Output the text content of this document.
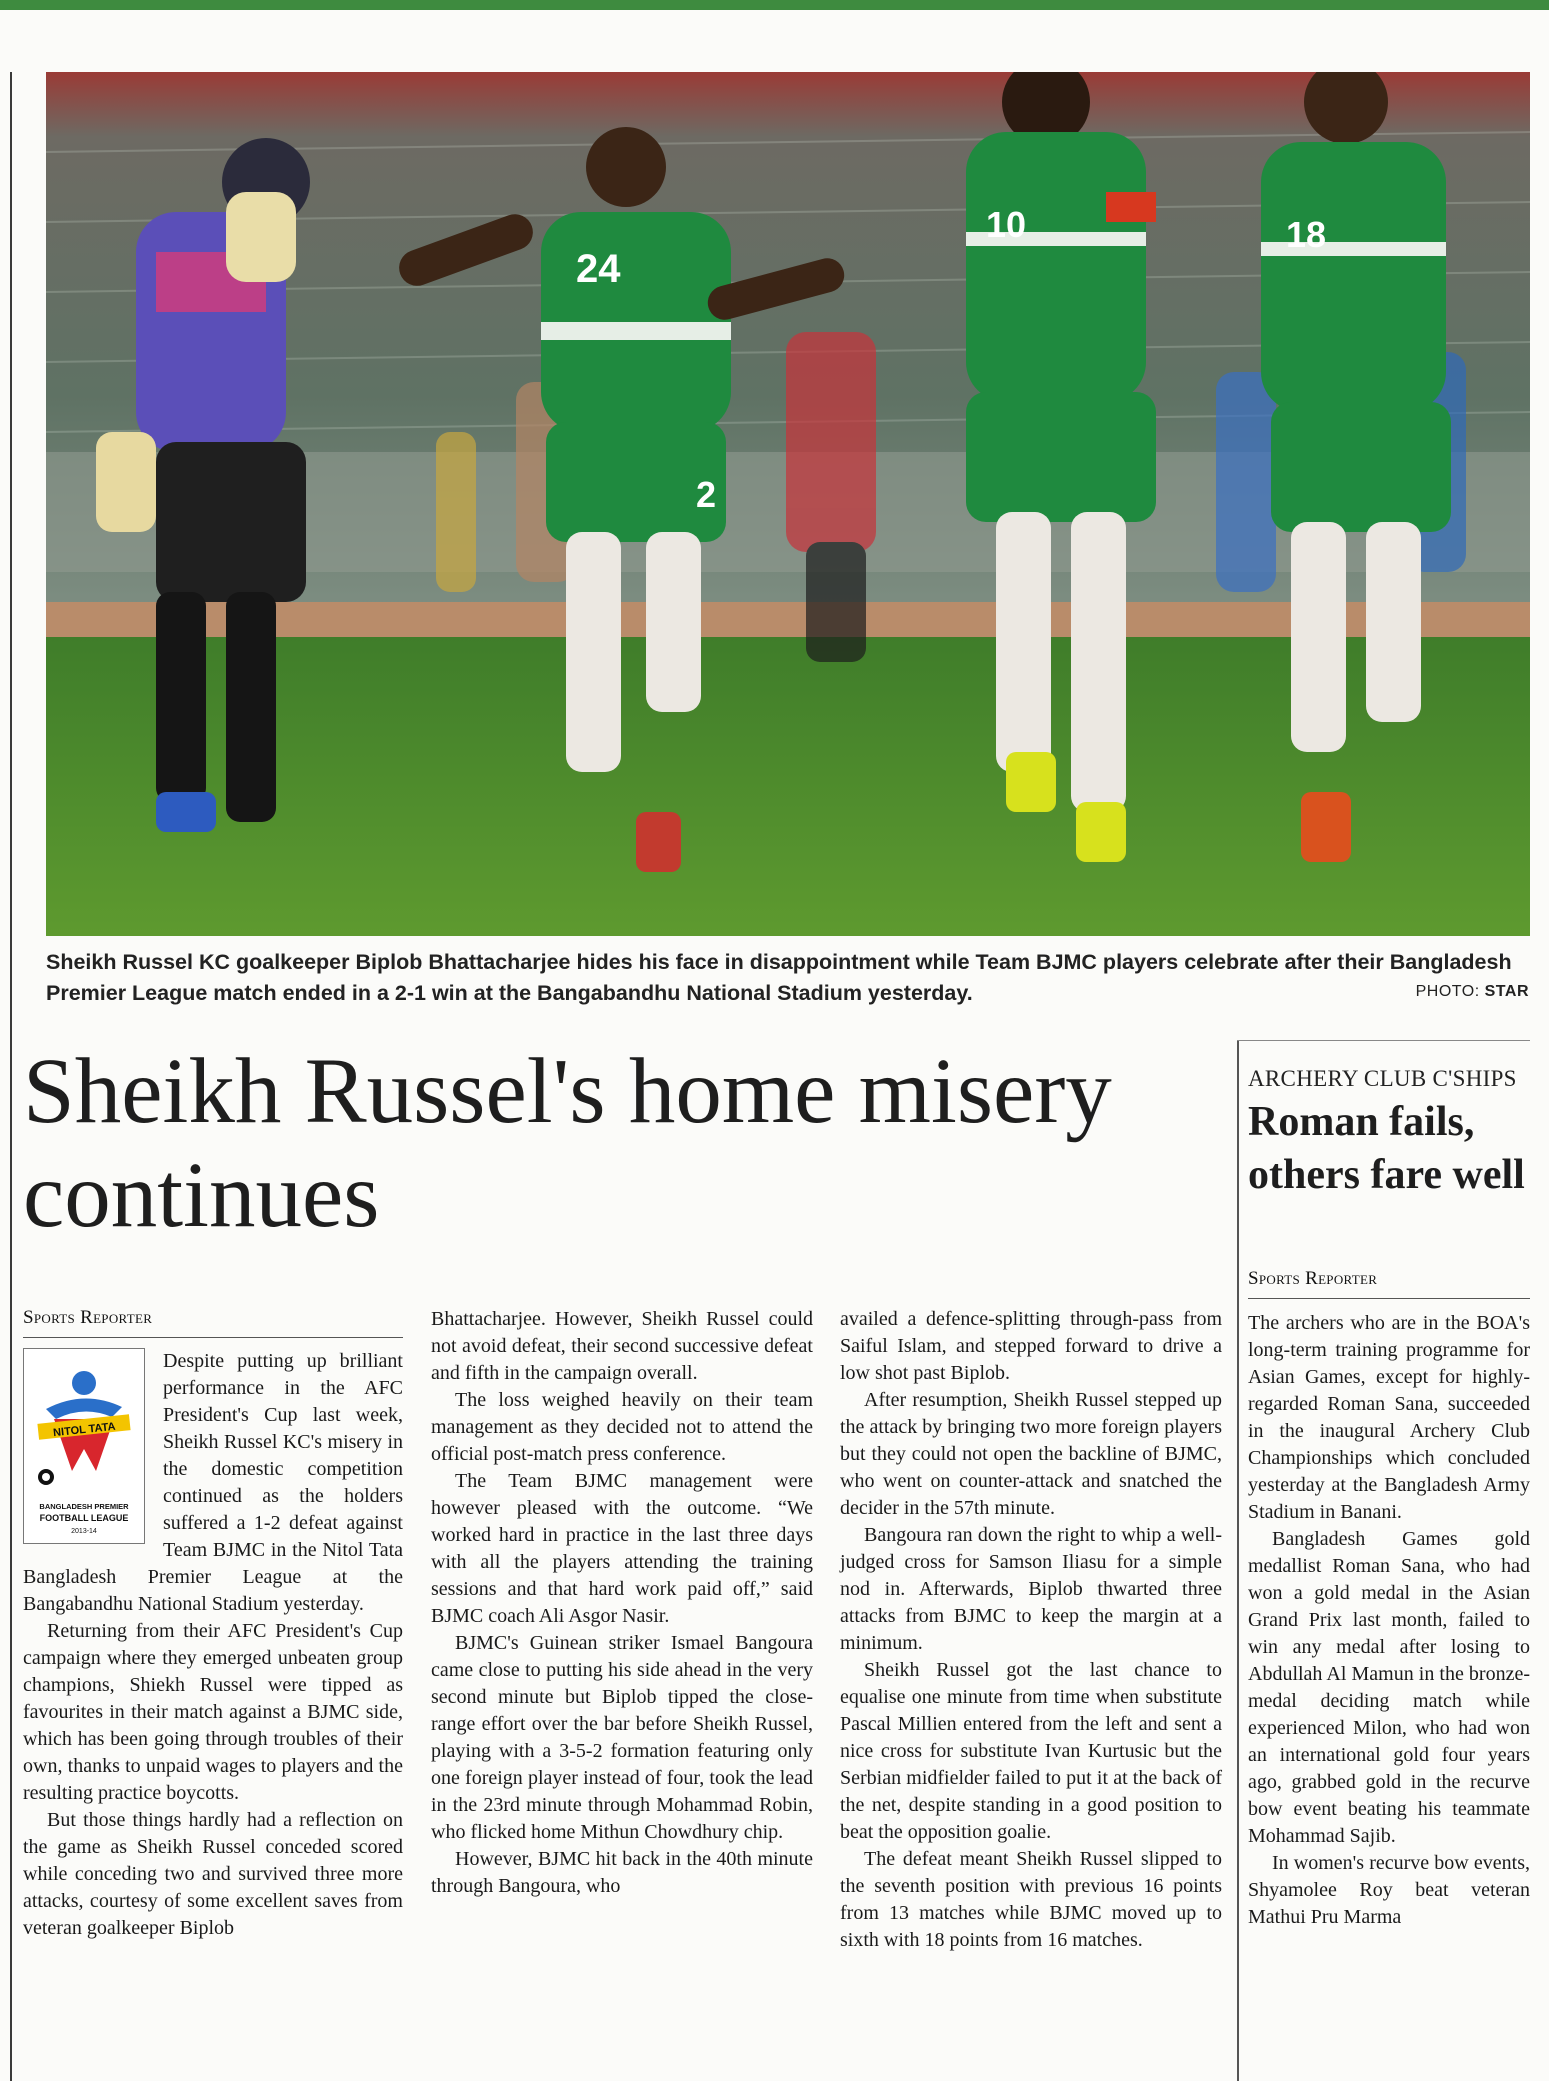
24
2
10	18
Sheikh Russel KC goalkeeper Biplob Bhattacharjee hides his face in disappointment while Team BJMC players celebrate after their Bangladesh Premier League match ended in a 2-1 win at the Bangabandhu National Stadium yesterday.	PHOTO: STAR
Sheikh Russel's home misery continues
Sports Reporter
NITOL TATA
BANGLADESH PREMIER
FOOTBALL LEAGUE
2013-14

Despite putting up brilliant performance in the AFC President's Cup last week, Sheikh Russel KC's misery in the domestic competition continued as the holders suffered a 1-2 defeat against Team BJMC in the Nitol Tata Bangladesh Premier League at the Bangabandhu National Stadium yesterday.

Returning from their AFC President's Cup campaign where they emerged unbeaten group champions, Shiekh Russel were tipped as favourites in their match against a BJMC side, which has been going through troubles of their own, thanks to unpaid wages to players and the resulting practice boycotts.

But those things hardly had a reflection on the game as Sheikh Russel conceded scored while conceding two and survived three more attacks, courtesy of some excellent saves from veteran goalkeeper Biplob

Bhattacharjee. However, Sheikh Russel could not avoid defeat, their second successive defeat and fifth in the campaign overall.

The loss weighed heavily on their team management as they decided not to attend the official post-match press conference.

The Team BJMC management were however pleased with the outcome. “We worked hard in practice in the last three days with all the players attending the training sessions and that hard work paid off,” said BJMC coach Ali Asgor Nasir.

BJMC's Guinean striker Ismael Bangoura came close to putting his side ahead in the very second minute but Biplob tipped the close-range effort over the bar before Sheikh Russel, playing with a 3-5-2 formation featuring only one foreign player instead of four, took the lead in the 23rd minute through Mohammad Robin, who flicked home Mithun Chowdhury chip.

However, BJMC hit back in the 40th minute through Bangoura, who

availed a defence-splitting through-pass from Saiful Islam, and stepped forward to drive a low shot past Biplob.

After resumption, Sheikh Russel stepped up the attack by bringing two more foreign players but they could not open the backline of BJMC, who went on counter-attack and snatched the decider in the 57th minute.

Bangoura ran down the right to whip a well-judged cross for Samson Iliasu for a simple nod in. Afterwards, Biplob thwarted three attacks from BJMC to keep the margin at a minimum.

Sheikh Russel got the last chance to equalise one minute from time when substitute Pascal Millien entered from the left and sent a nice cross for substitute Ivan Kurtusic but the Serbian midfielder failed to put it at the back of the net, despite standing in a good position to beat the opposition goalie.

The defeat meant Sheikh Russel slipped to the seventh position with previous 16 points from 13 matches while BJMC moved up to sixth with 18 points from 16 matches.

ARCHERY CLUB C'SHIPS
Roman fails, others fare well
Sports Reporter

The archers who are in the BOA's long-term training programme for Asian Games, except for highly-regarded Roman Sana, succeeded in the inaugural Archery Club Championships which concluded yesterday at the Bangladesh Army Stadium in Banani.

Bangladesh Games gold medallist Roman Sana, who had won a gold medal in the Asian Grand Prix last month, failed to win any medal after losing to Abdullah Al Mamun in the bronze-medal deciding match while experienced Milon, who had won an international gold four years ago, grabbed gold in the recurve bow event beating his teammate Mohammad Sajib.

In women's recurve bow events, Shyamolee Roy beat veteran Mathui Pru Marma
